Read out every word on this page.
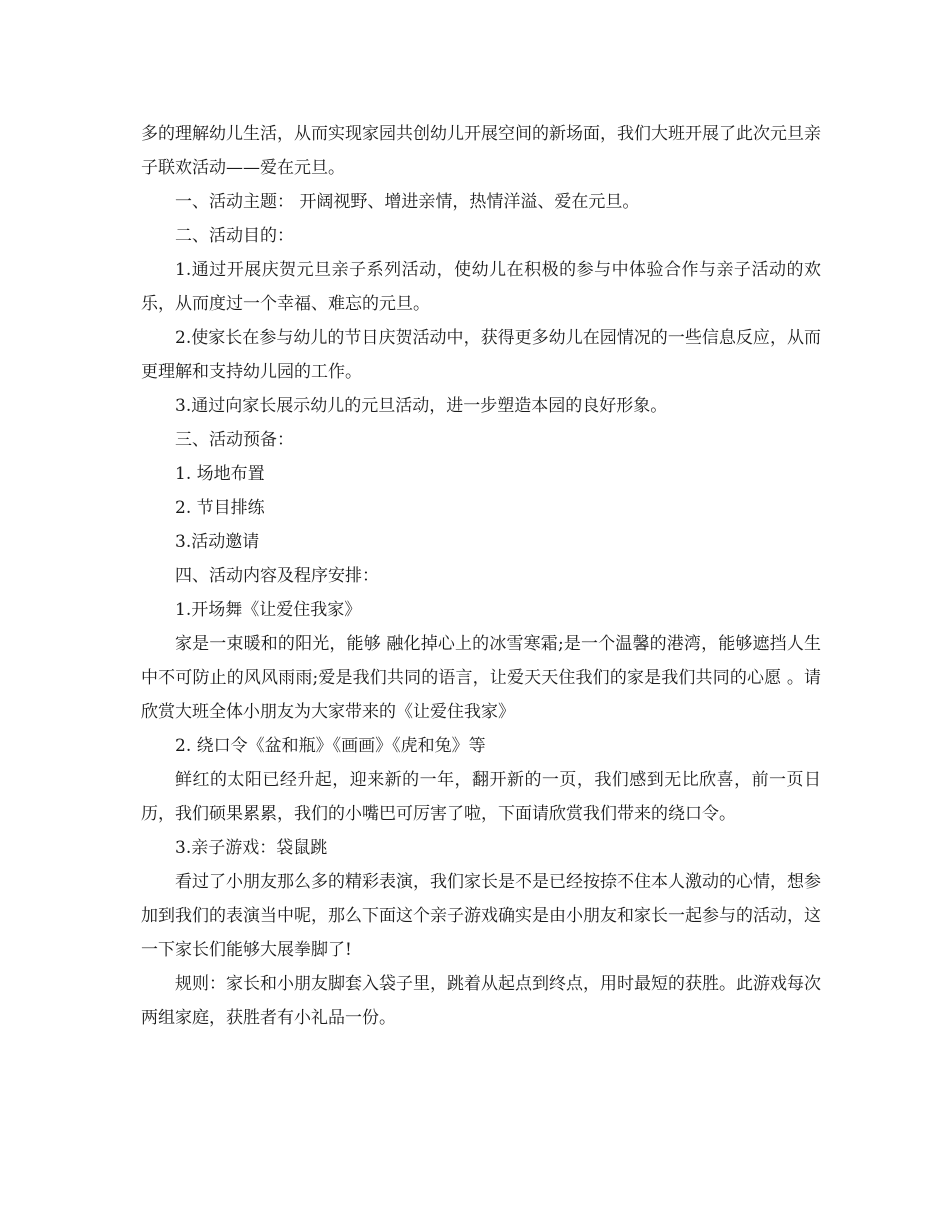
多的理解幼儿生活，从而实现家园共创幼儿开展空间的新场面，我们大班开展了此次元旦亲子联欢活动——爱在元旦。

一、活动主题： 开阔视野、增进亲情，热情洋溢、爱在元旦。

二、活动目的：

1.通过开展庆贺元旦亲子系列活动，使幼儿在积极的参与中体验合作与亲子活动的欢乐，从而度过一个幸福、难忘的元旦。

2.使家长在参与幼儿的节日庆贺活动中，获得更多幼儿在园情况的一些信息反应，从而更理解和支持幼儿园的工作。

3.通过向家长展示幼儿的元旦活动，进一步塑造本园的良好形象。

三、活动预备：

1. 场地布置

2. 节目排练

3.活动邀请

四、活动内容及程序安排：

1.开场舞《让爱住我家》

家是一束暖和的阳光，能够 融化掉心上的冰雪寒霜;是一个温馨的港湾，能够遮挡人生中不可防止的风风雨雨;爱是我们共同的语言，让爱天天住我们的家是我们共同的心愿 。请欣赏大班全体小朋友为大家带来的《让爱住我家》

2. 绕口令《盆和瓶》《画画》《虎和兔》等

鲜红的太阳已经升起，迎来新的一年，翻开新的一页，我们感到无比欣喜，前一页日历，我们硕果累累，我们的小嘴巴可厉害了啦，下面请欣赏我们带来的绕口令。

3.亲子游戏：袋鼠跳

看过了小朋友那么多的精彩表演，我们家长是不是已经按捺不住本人激动的心情，想参加到我们的表演当中呢，那么下面这个亲子游戏确实是由小朋友和家长一起参与的活动，这一下家长们能够大展拳脚了!

规则：家长和小朋友脚套入袋子里，跳着从起点到终点，用时最短的获胜。此游戏每次两组家庭，获胜者有小礼品一份。
